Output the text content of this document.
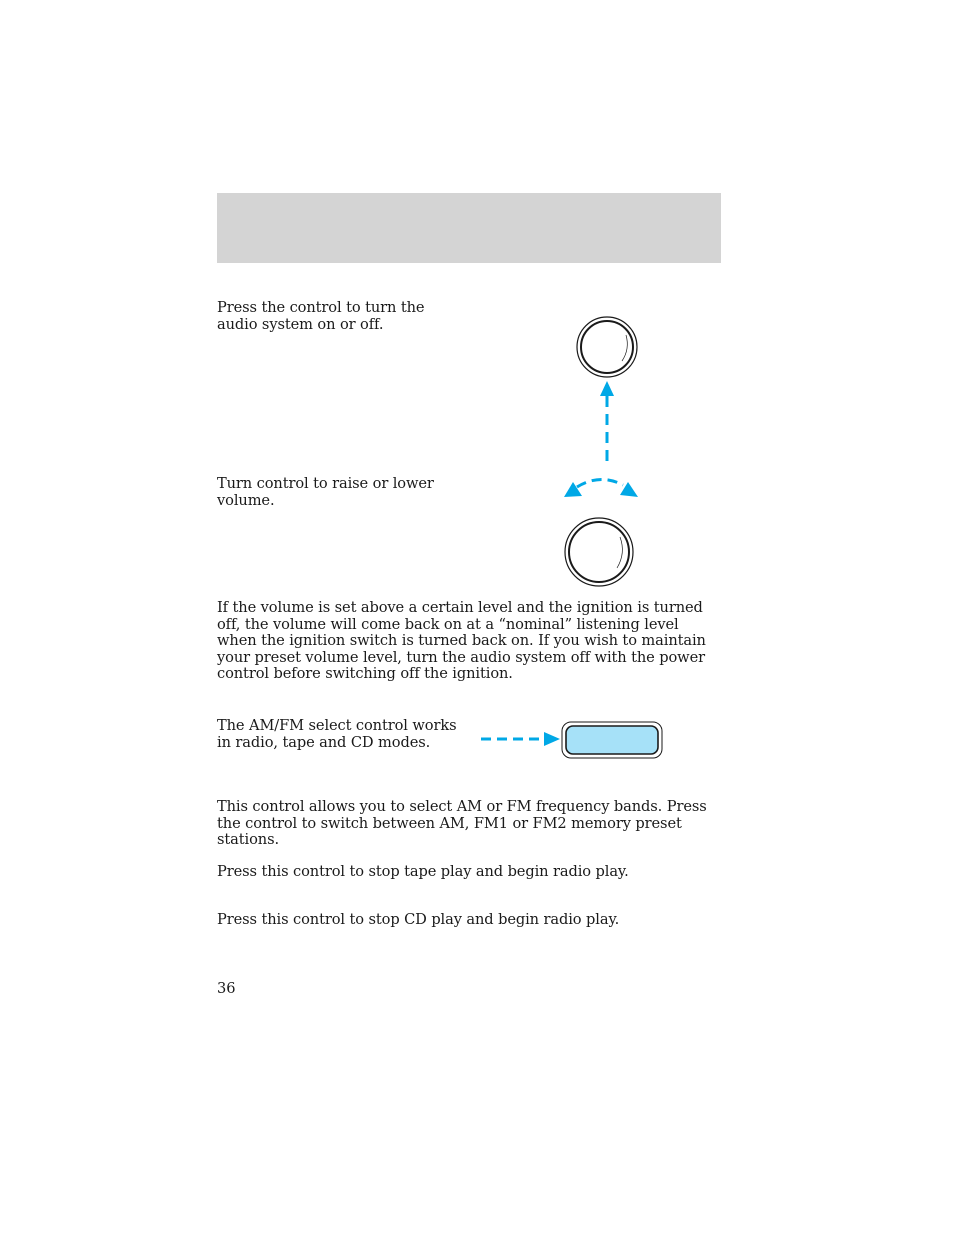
Press the control to turn the audio system on or off.

Turn control to raise or lower volume.

If the volume is set above a certain level and the ignition is turned off, the volume will come back on at a “nominal” listening level when the ignition switch is turned back on. If you wish to maintain your preset volume level, turn the audio system off with the power control before switching off the ignition.

The AM/FM select control works in radio, tape and CD modes.

This control allows you to select AM or FM frequency bands. Press the control to switch between AM, FM1 or FM2 memory preset stations.

Press this control to stop tape play and begin radio play.

Press this control to stop CD play and begin radio play.

36
